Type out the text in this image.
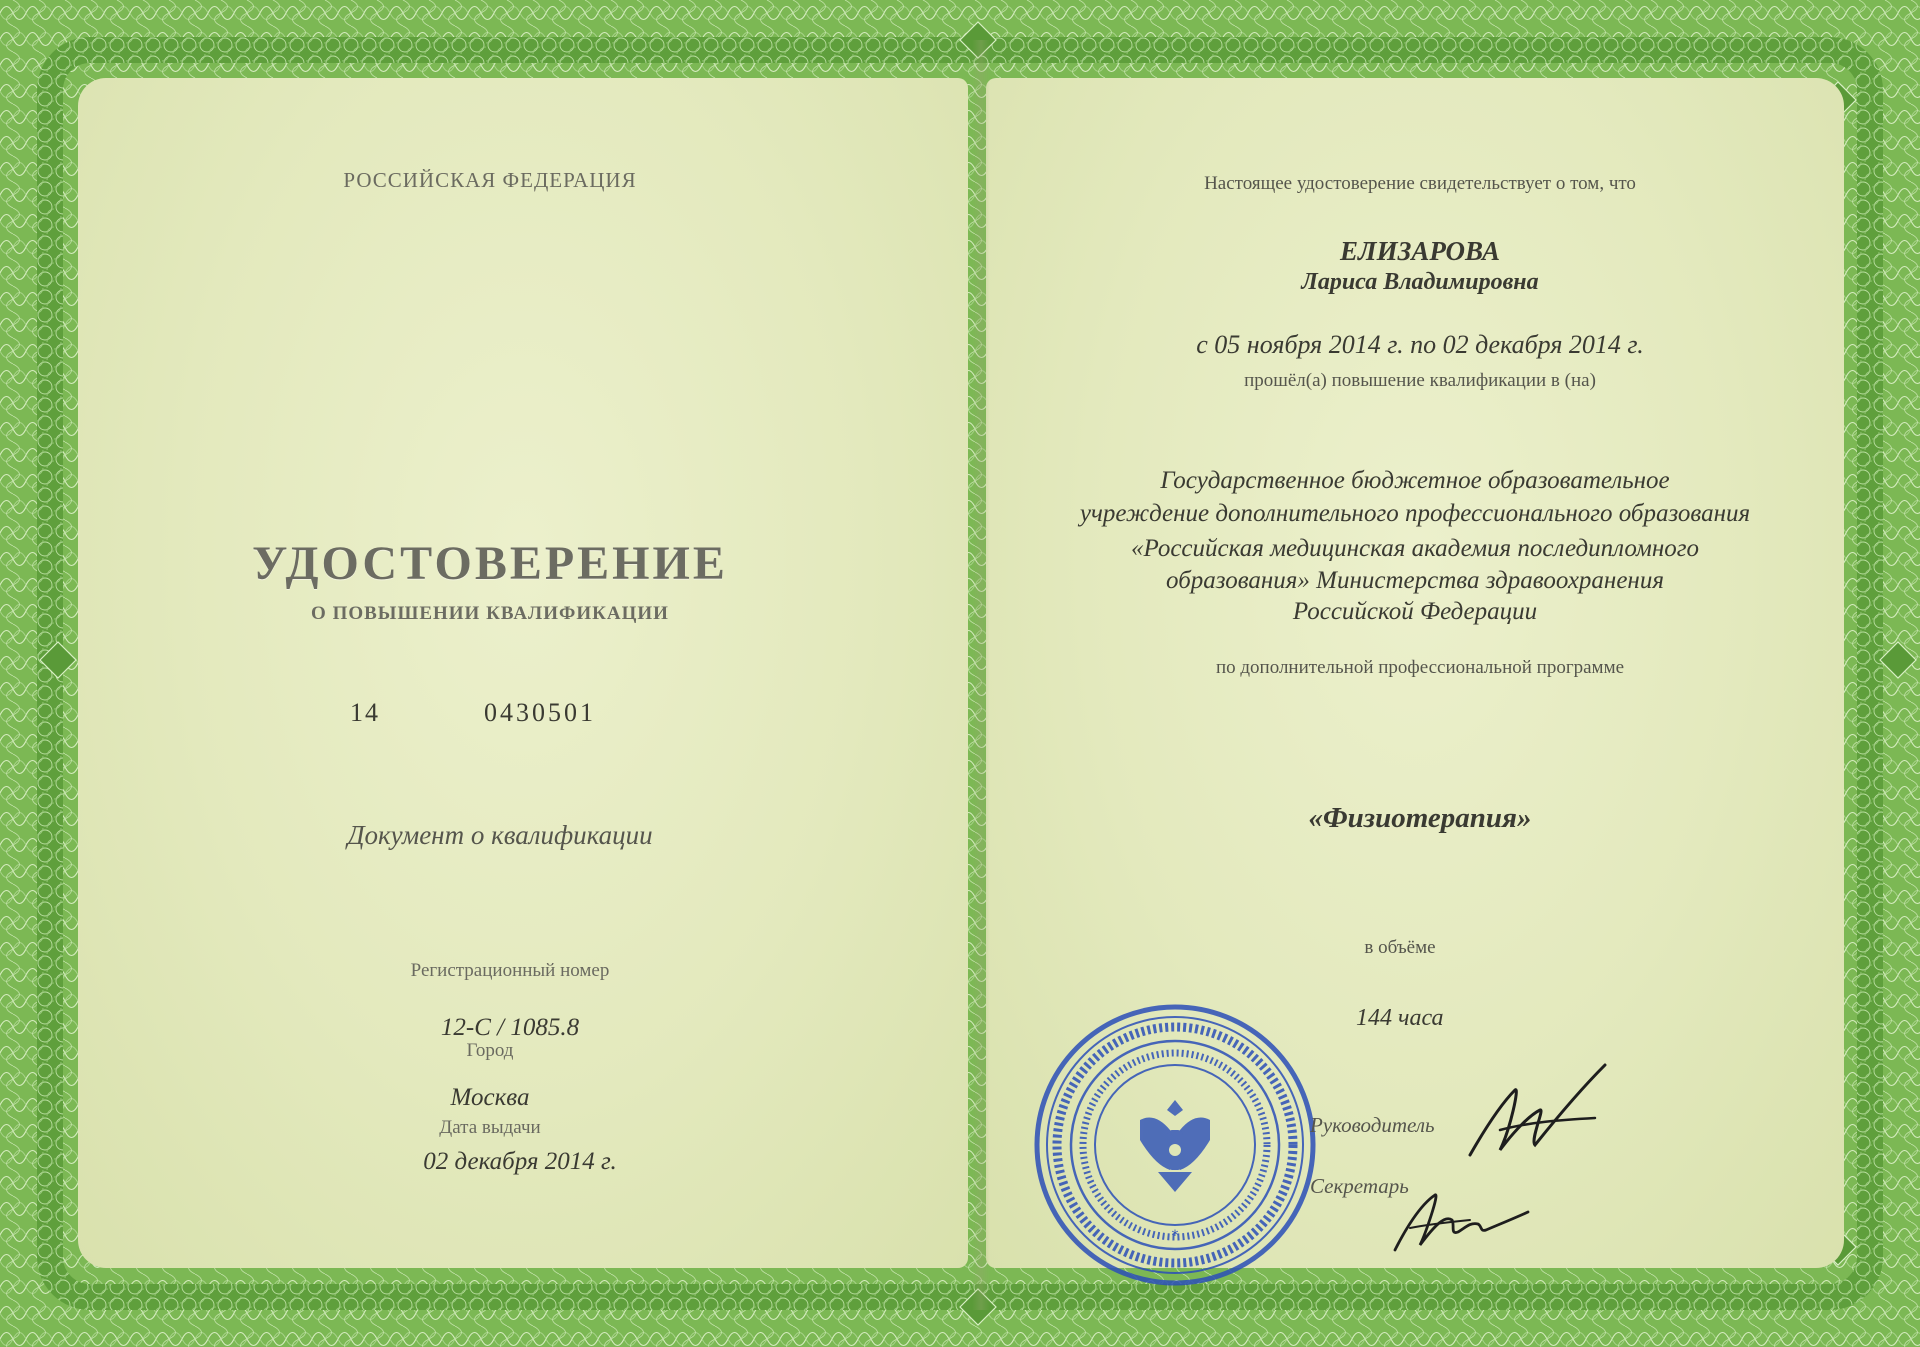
РОССИЙСКАЯ ФЕДЕРАЦИЯ
УДОСТОВЕРЕНИЕ
О ПОВЫШЕНИИ КВАЛИФИКАЦИИ
14	0430501
Документ о квалификации
Регистрационный номер
12-С / 1085.8
Город
Москва
Дата выдачи
02 декабря 2014 г.
Настоящее удостоверение свидетельствует о том, что
ЕЛИЗАРОВА
Лариса Владимировна
с 05 ноября 2014 г. по 02 декабря 2014 г.
прошёл(а) повышение квалификации в (на)
Государственное бюджетное образовательное
учреждение дополнительного профессионального образования
«Российская медицинская академия последипломного
образования» Министерства здравоохранения
Российской Федерации
по дополнительной профессиональной программе
«Физиотерапия»
в объёме
144 часа
*
Руководитель
Секретарь
